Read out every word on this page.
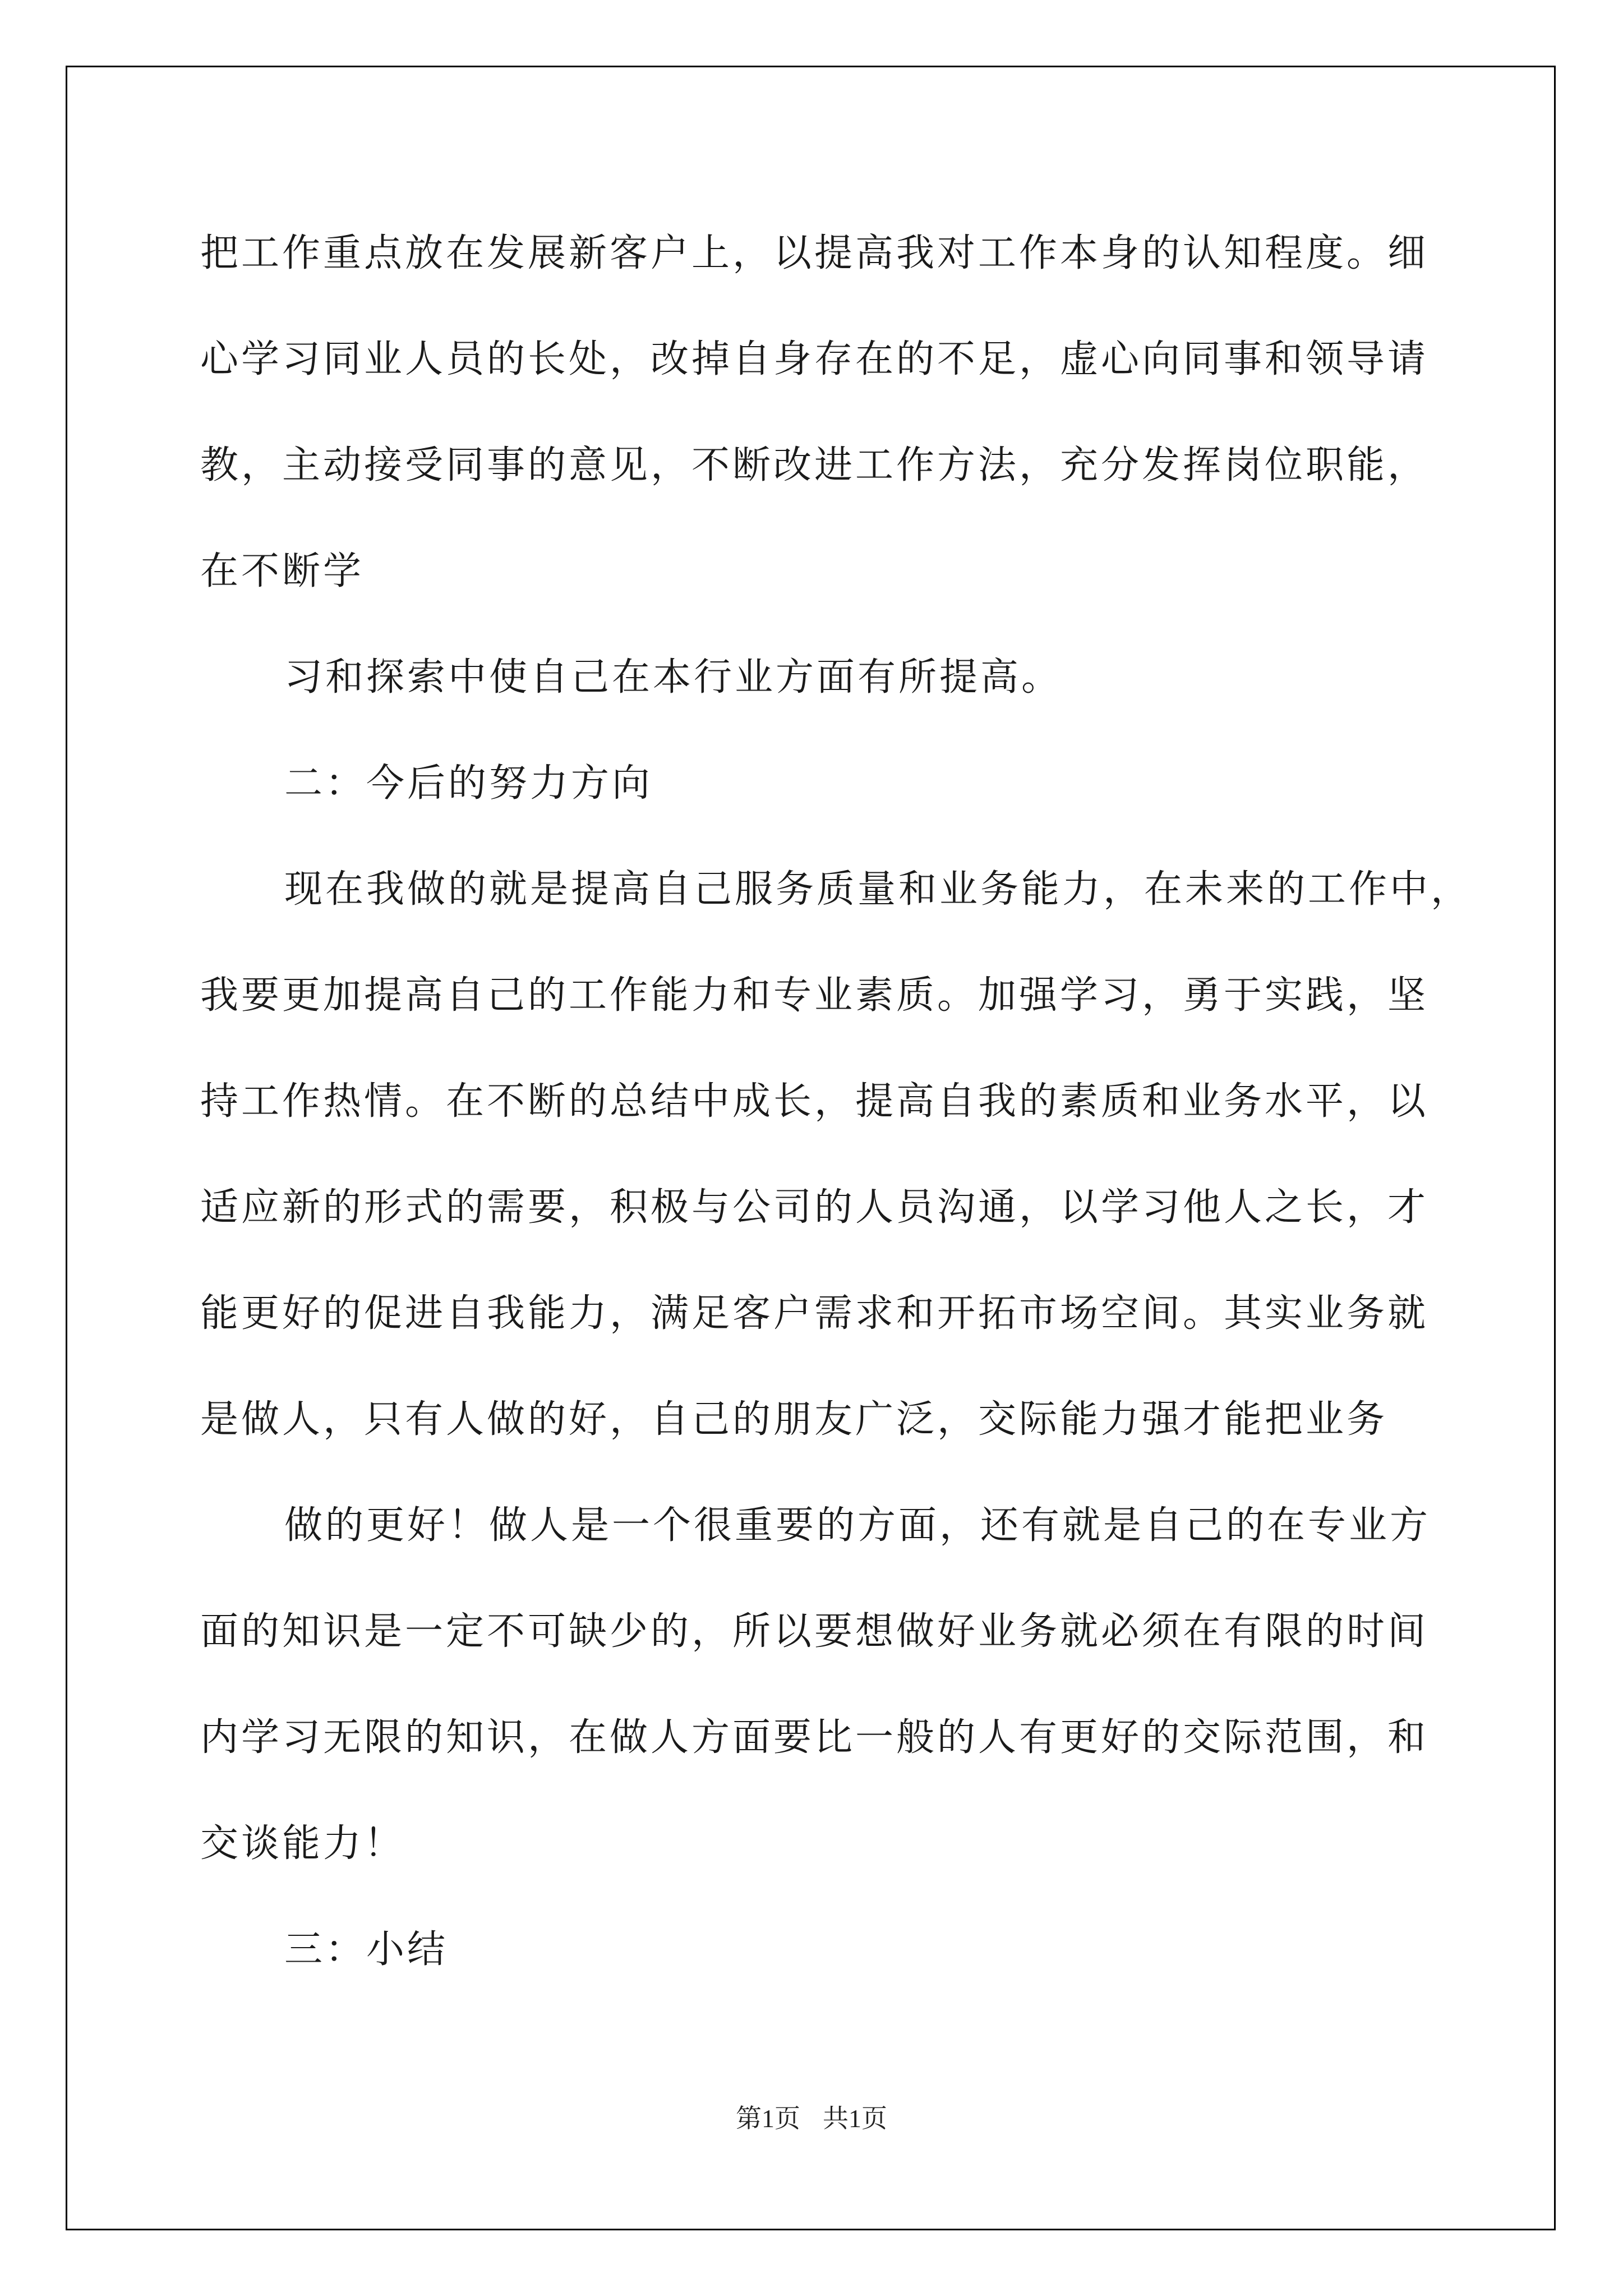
把工作重点放在发展新客户上，以提高我对工作本身的认知程度。细

心学习同业人员的长处，改掉自身存在的不足，虚心向同事和领导请

教，主动接受同事的意见，不断改进工作方法，充分发挥岗位职能，

在不断学

习和探索中使自己在本行业方面有所提高。

二：今后的努力方向

现在我做的就是提高自己服务质量和业务能力，在未来的工作中，

我要更加提高自己的工作能力和专业素质。加强学习，勇于实践，坚

持工作热情。在不断的总结中成长，提高自我的素质和业务水平，以

适应新的形式的需要，积极与公司的人员沟通，以学习他人之长，才

能更好的促进自我能力，满足客户需求和开拓市场空间。其实业务就

是做人，只有人做的好，自己的朋友广泛，交际能力强才能把业务

做的更好！做人是一个很重要的方面，还有就是自己的在专业方

面的知识是一定不可缺少的，所以要想做好业务就必须在有限的时间

内学习无限的知识，在做人方面要比一般的人有更好的交际范围，和

交谈能力！

三：小结

第1页 共1页
